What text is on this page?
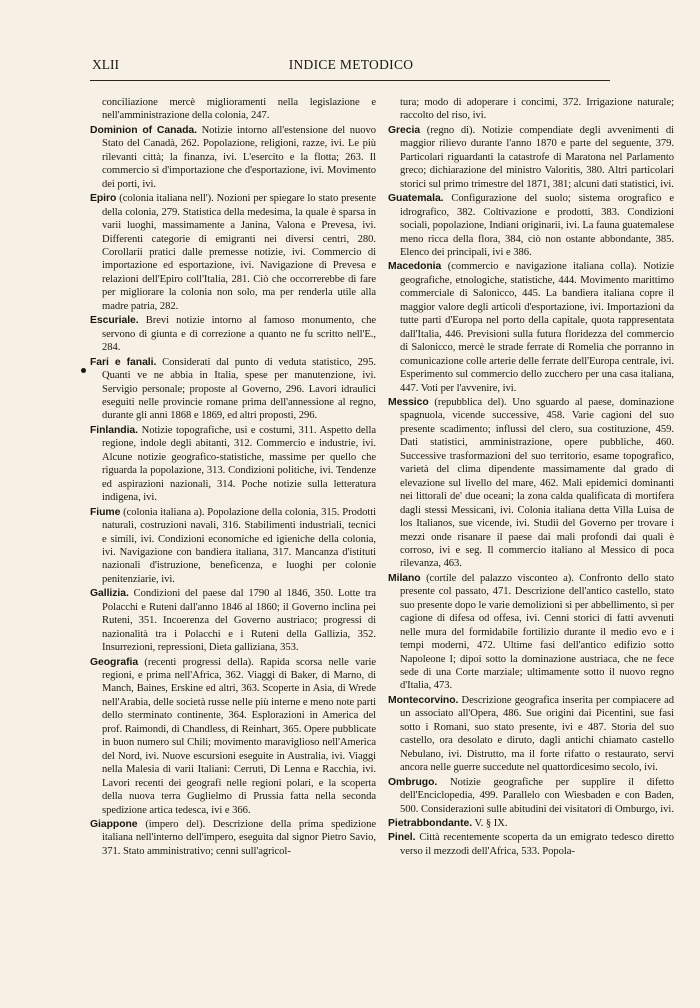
XLII	INDICE METODICO

conciliazione mercè miglioramenti nella legislazione e nell'amministrazione della colonia, 247.

Dominion of Canada. Notizie intorno all'estensione del nuovo Stato del Canadà, 262. Popolazione, religioni, razze, ivi. Le più rilevanti città; la finanza, ivi. L'esercito e la flotta; 263. Il commercio sì d'importazione che d'esportazione, ivi. Movimento dei porti, ivi.

Epiro (colonia italiana nell'). Nozioni per spiegare lo stato presente della colonia, 279. Statistica della medesima, la quale è sparsa in varii luoghi, massimamente a Janina, Valona e Prevesa, ivi. Differenti categorie di emigranti nei diversi centri, 280. Corollarii pratici dalle premesse notizie, ivi. Commercio di importazione ed esportazione, ivi. Navigazione di Prevesa e relazioni dell'Epiro coll'Italia, 281. Ciò che occorrerebbe di fare per migliorare la colonia non solo, ma per renderla utile alla madre patria, 282.

Escuriale. Brevi notizie intorno al famoso monumento, che servono di giunta e di correzione a quanto ne fu scritto nell'E., 284.

Fari e fanali. Considerati dal punto di veduta statistico, 295. Quanti ve ne abbia in Italia, spese per manutenzione, ivi. Servigio personale; proposte al Governo, 296. Lavori idraulici eseguiti nelle provincie romane prima dell'annessione al regno, durante gli anni 1868 e 1869, ed altri proposti, 296.

Finlandia. Notizie topografiche, usi e costumi, 311. Aspetto della regione, indole degli abitanti, 312. Commercio e industrie, ivi. Alcune notizie geografico-statistiche, massime per quello che riguarda la popolazione, 313. Condizioni politiche, ivi. Tendenze ed aspirazioni nazionali, 314. Poche notizie sulla letteratura indigena, ivi.

Fiume (colonia italiana a). Popolazione della colonia, 315. Prodotti naturali, costruzioni navali, 316. Stabilimenti industriali, tecnici e simili, ivi. Condizioni economiche ed igieniche della colonia, ivi. Navigazione con bandiera italiana, 317. Mancanza d'istituti nazionali d'istruzione, beneficenza, e luoghi per colonie penitenziarie, ivi.

Gallizia. Condizioni del paese dal 1790 al 1846, 350. Lotte tra Polacchi e Ruteni dall'anno 1846 al 1860; il Governo inclina pei Ruteni, 351. Incoerenza del Governo austriaco; progressi di nazionalità tra i Polacchi e i Ruteni della Gallizia, 352. Insurrezioni, repressioni, Dieta gallìziana, 353.

Geografia (recenti progressi della). Rapida scorsa nelle varie regioni, e prima nell'Africa, 362. Viaggi di Baker, di Marno, di Manch, Baines, Erskine ed altri, 363. Scoperte in Asia, di Wrede nell'Arabia, delle società russe nelle più interne e meno note parti dello sterminato continente, 364. Esplorazioni in America del prof. Raimondi, di Chandless, di Reinhart, 365. Opere pubblicate in buon numero sul Chili; movimento maraviglioso nell'America del Nord, ivi. Nuove escursioni eseguite in Australia, ivi. Viaggi nella Malesia di varii Italiani: Cerruti, Di Lenna e Racchia, ivi. Lavori recenti dei geografi nelle regioni polari, e la scoperta della nuova terra Guglielmo di Prussia fatta nella seconda spedizione artica tedesca, ivi e 366.

Giappone (impero del). Descrizione della prima spedizione italiana nell'interno dell'impero, eseguita dal signor Pietro Savio, 371. Stato amministrativo; cenni sull'agricol-

tura; modo di adoperare i concimi, 372. Irrigazione naturale; raccolto del riso, ivi.

Grecia (regno di). Notizie compendiate degli avvenimenti di maggior rilievo durante l'anno 1870 e parte del seguente, 379. Particolari riguardanti la catastrofe di Maratona nel Parlamento greco; dichiarazione del ministro Valoritis, 380. Altri particolari storici sul primo trimestre del 1871, 381; alcuni dati statistici, ivi.

Guatemala. Configurazione del suolo; sistema orografico e idrografico, 382. Coltivazione e prodotti, 383. Condizioni sociali, popolazione, Indiani originarii, ivi. La fauna guatemalese meno ricca della flora, 384, ciò non ostante abbondante, 385. Elenco dei principali, ivi e 386.

Macedonia (commercio e navigazione italiana colla). Notizie geografiche, etnologiche, statistiche, 444. Movimento marittimo commerciale di Salonicco, 445. La bandiera italiana copre il maggior valore degli articoli d'esportazione, ivi. Importazioni da tutte parti d'Europa nel porto della capitale, quota rappresentata dall'Italia, 446. Previsioni sulla futura floridezza del commercio di Salonicco, mercè le strade ferrate di Romelia che porranno in comunicazione colle arterie delle ferrate dell'Europa centrale, ivi. Esperimento sul commercio dello zucchero per una casa italiana, 447. Voti per l'avvenire, ivi.

Messico (repubblica del). Uno sguardo al paese, dominazione spagnuola, vicende successive, 458. Varie cagioni del suo presente scadimento; influssi del clero, sua costituzione, 459. Dati statistici, amministrazione, opere pubbliche, 460. Successive trasformazioni del suo territorio, esame topografico, varietà del clima dipendente massimamente dal grado di elevazione sul livello del mare, 462. Mali epidemici dominanti nei littorali de' due oceani; la zona calda qualificata di mortifera dagli stessi Messicani, ivi. Colonia italiana detta Villa Luisa de los Italianos, sue vicende, ivi. Studii del Governo per trovare i mezzi onde risanare il paese dai mali profondi dai quali è corroso, ivi e seg. Il commercio italiano al Messico di poca rilevanza, 463.

Milano (cortile del palazzo visconteo a). Confronto dello stato presente col passato, 471. Descrizione dell'antico castello, stato suo presente dopo le varie demolizioni sì per abbellimento, sì per cagione di difesa od offesa, ivi. Cenni storici di fatti avvenuti nelle mura del formidabile fortilizio durante il medio evo e i tempi moderni, 472. Ultime fasi dell'antico edifizio sotto Napoleone I; dipoi sotto la dominazione austriaca, che ne fece sede di una Corte marziale; ultimamente sotto il nuovo regno d'Italia, 473.

Montecorvino. Descrizione geografica inserita per compiacere ad un associato all'Opera, 486. Sue origini dai Picentini, sue fasi sotto i Romani, suo stato presente, ivi e 487. Storia del suo castello, ora desolato e diruto, dagli antichi chiamato castello Nebulano, ivi. Distrutto, ma il forte rifatto o restaurato, servì ancora nelle guerre succedute nel quattordicesimo secolo, ivi.

Ombrugo. Notizie geografiche per supplire il difetto dell'Enciclopedia, 499. Parallelo con Wiesbaden e con Baden, 500. Considerazioni sulle abitudini dei visitatori di Omburgo, ivi.

Pietrabbondante. V. § IX.

Pinel. Città recentemente scoperta da un emigrato tedesco diretto verso il mezzodì dell'Africa, 533. Popola-
